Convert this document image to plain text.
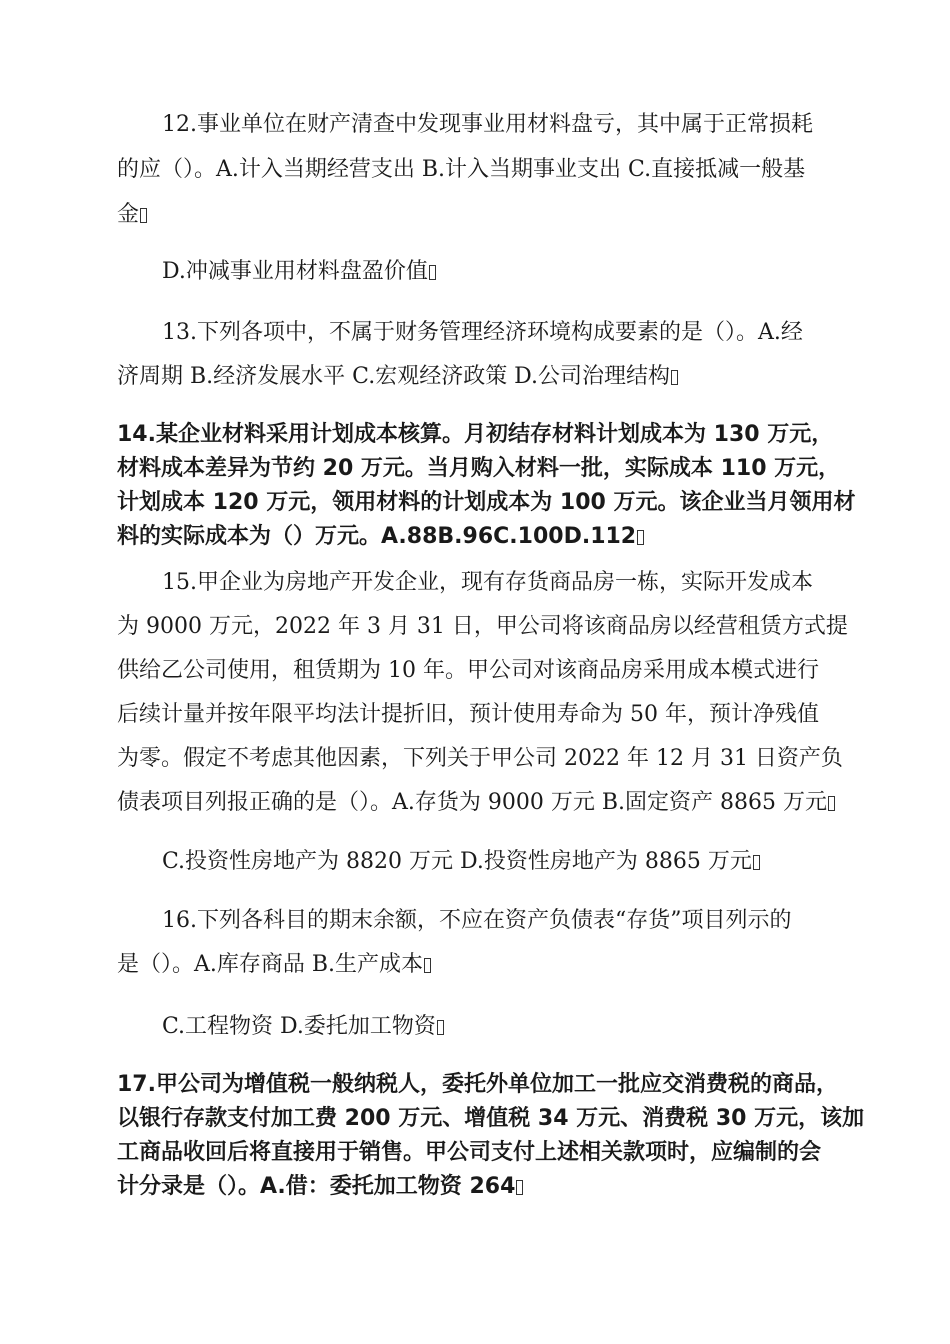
12.事业单位在财产清查中发现事业用材料盘亏，其中属于正常损耗
的应（）。A.计入当期经营支出 B.计入当期事业支出 C.直接抵减一般基
金
D.冲减事业用材料盘盈价值
13.下列各项中，不属于财务管理经济环境构成要素的是（）。A.经
济周期 B.经济发展水平 C.宏观经济政策 D.公司治理结构
14.某企业材料采用计划成本核算。月初结存材料计划成本为 130 万元，
材料成本差异为节约 20 万元。当月购入材料一批，实际成本 110 万元，
计划成本 120 万元，领用材料的计划成本为 100 万元。该企业当月领用材
料的实际成本为（）万元。A.88B.96C.100D.112
15.甲企业为房地产开发企业，现有存货商品房一栋，实际开发成本
为 9000 万元，2022 年 3 月 31 日，甲公司将该商品房以经营租赁方式提
供给乙公司使用，租赁期为 10 年。甲公司对该商品房采用成本模式进行
后续计量并按年限平均法计提折旧，预计使用寿命为 50 年，预计净残值
为零。假定不考虑其他因素，下列关于甲公司 2022 年 12 月 31 日资产负
债表项目列报正确的是（）。A.存货为 9000 万元 B.固定资产 8865 万元
C.投资性房地产为 8820 万元 D.投资性房地产为 8865 万元
16.下列各科目的期末余额，不应在资产负债表“存货”项目列示的
是（）。A.库存商品 B.生产成本
C.工程物资 D.委托加工物资
17.甲公司为增值税一般纳税人，委托外单位加工一批应交消费税的商品，
以银行存款支付加工费 200 万元、增值税 34 万元、消费税 30 万元，该加
工商品收回后将直接用于销售。甲公司支付上述相关款项时，应编制的会
计分录是（）。A.借：委托加工物资 264
